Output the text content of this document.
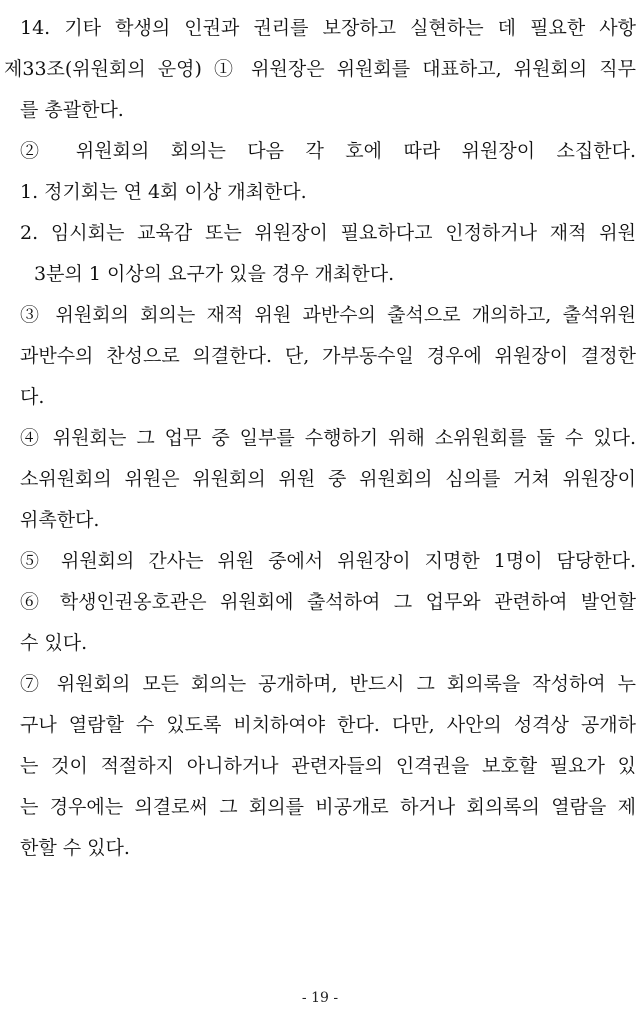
14. 기타 학생의 인권과 권리를 보장하고 실현하는 데 필요한 사항
제33조(위원회의 운영) ① 위원장은 위원회를 대표하고, 위원회의 직무
를 총괄한다.
② 위원회의 회의는 다음 각 호에 따라 위원장이 소집한다.
1. 정기회는 연 4회 이상 개최한다.
2. 임시회는 교육감 또는 위원장이 필요하다고 인정하거나 재적 위원
3분의 1 이상의 요구가 있을 경우 개최한다.
③ 위원회의 회의는 재적 위원 과반수의 출석으로 개의하고, 출석위원
과반수의 찬성으로 의결한다. 단, 가부동수일 경우에 위원장이 결정한
다.
④ 위원회는 그 업무 중 일부를 수행하기 위해 소위원회를 둘 수 있다.
소위원회의 위원은 위원회의 위원 중 위원회의 심의를 거쳐 위원장이
위촉한다.
⑤ 위원회의 간사는 위원 중에서 위원장이 지명한 1명이 담당한다.
⑥ 학생인권옹호관은 위원회에 출석하여 그 업무와 관련하여 발언할
수 있다.
⑦ 위원회의 모든 회의는 공개하며, 반드시 그 회의록을 작성하여 누
구나 열람할 수 있도록 비치하여야 한다. 다만, 사안의 성격상 공개하
는 것이 적절하지 아니하거나 관련자들의 인격권을 보호할 필요가 있
는 경우에는 의결로써 그 회의를 비공개로 하거나 회의록의 열람을 제
한할 수 있다.
- 19 -
